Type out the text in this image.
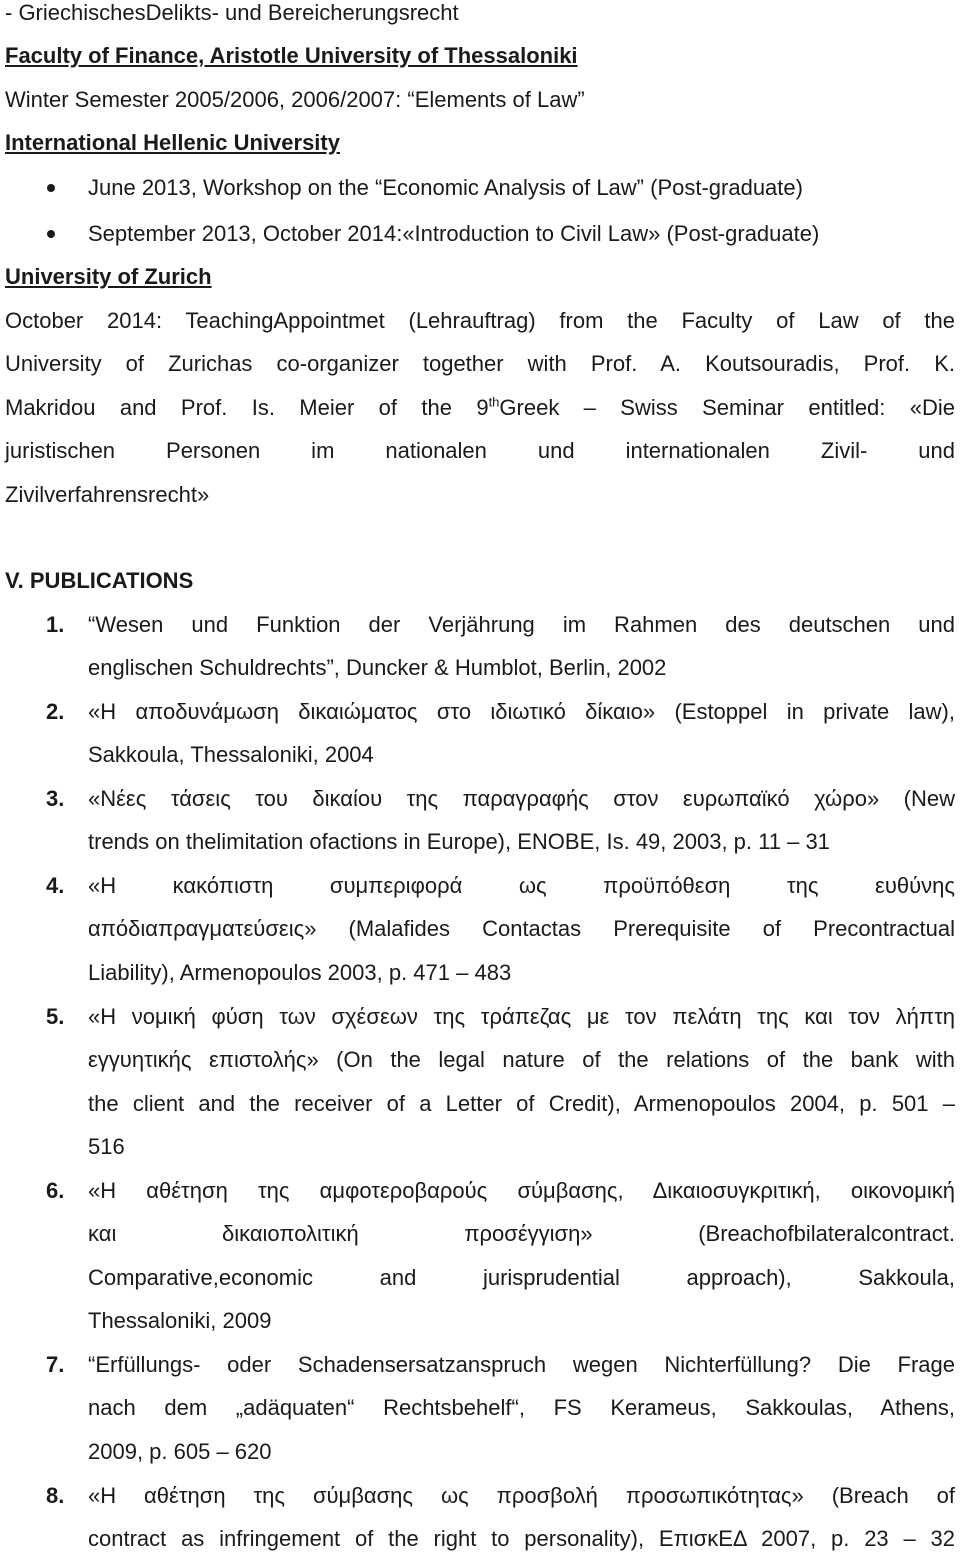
- GriechischesDelikts- und Bereicherungsrecht
Faculty of Finance, Aristotle University of Thessaloniki
Winter Semester 2005/2006, 2006/2007: “Elements of Law”
International Hellenic University
June 2013, Workshop on the “Economic Analysis of Law” (Post-graduate)
September 2013, October 2014:«Introduction to Civil Law» (Post-graduate)
University of Zurich
October 2014: TeachingAppointmet (Lehrauftrag) from the Faculty of Law of the
University of Zurichas co-organizer together with Prof. A. Koutsouradis, Prof. K.
Makridou and Prof. Is. Meier of the 9thGreek – Swiss Seminar entitled: «Die
juristischen Personen im nationalen und internationalen Zivil- und
Zivilverfahrensrecht»
V. PUBLICATIONS
1. “Wesen und Funktion der Verjährung im Rahmen des deutschen und
englischen Schuldrechts”, Duncker & Humblot, Berlin, 2002
2. «Η αποδυνάμωση δικαιώματος στο ιδιωτικό δίκαιο» (Estoppel in private law),
Sakkoula, Thessaloniki, 2004
3. «Νέες τάσεις του δικαίου της παραγραφής στον ευρωπαϊκό χώρο» (New
trends on thelimitation ofactions in Europe), ENOBE, Is. 49, 2003, p. 11 – 31
4. «Η κακόπιστη συμπεριφορά ως προϋπόθεση της ευθύνης
απόδιαπραγματεύσεις» (Malafides Contactas Prerequisite of Precontractual
Liability), Armenopoulos 2003, p. 471 – 483
5. «Η νομική φύση των σχέσεων της τράπεζας με τον πελάτη της και τον λήπτη
εγγυητικής επιστολής» (On the legal nature of the relations of the bank with
the client and the receiver of a Letter of Credit), Armenopoulos 2004, p. 501 –
516
6. «Η αθέτηση της αμφοτεροβαρούς σύμβασης, Δικαιοσυγκριτική, οικονομική
και δικαιοπολιτική προσέγγιση» (Breachofbilateralcontract.
Comparative,economic and jurisprudential approach), Sakkoula,
Thessaloniki, 2009
7. “Erfüllungs- oder Schadensersatzanspruch wegen Nichterfüllung? Die Frage
nach dem „adäquaten“ Rechtsbehelf“, FS Kerameus, Sakkoulas, Athens,
2009, p. 605 – 620
8. «Η αθέτηση της σύμβασης ως προσβολή προσωπικότητας» (Breach of
contract as infringement of the right to personality), ΕπισκΕΔ 2007, p. 23 – 32
